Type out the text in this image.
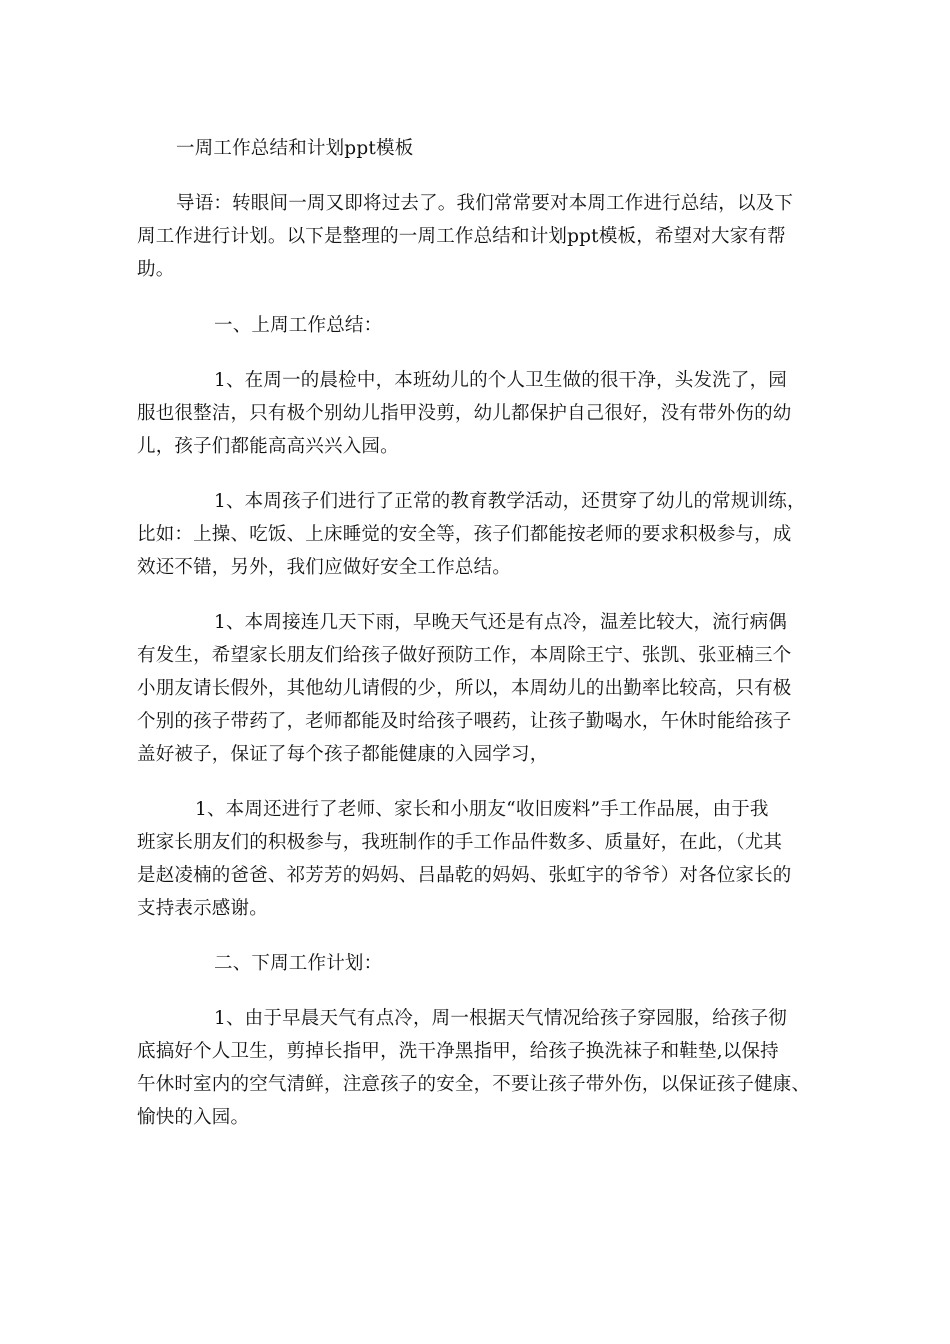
一周工作总结和计划ppt模板
导语：转眼间一周又即将过去了。我们常常要对本周工作进行总结，以及下
周工作进行计划。以下是整理的一周工作总结和计划ppt模板，希望对大家有帮
助。
一、上周工作总结：
1、在周一的晨检中，本班幼儿的个人卫生做的很干净，头发洗了，园
服也很整洁，只有极个别幼儿指甲没剪，幼儿都保护自己很好，没有带外伤的幼
儿，孩子们都能高高兴兴入园。
1、本周孩子们进行了正常的教育教学活动，还贯穿了幼儿的常规训练，
比如：上操、吃饭、上床睡觉的安全等，孩子们都能按老师的要求积极参与，成
效还不错，另外，我们应做好安全工作总结。
1、本周接连几天下雨，早晚天气还是有点冷，温差比较大，流行病偶
有发生，希望家长朋友们给孩子做好预防工作，本周除王宁、张凯、张亚楠三个
小朋友请长假外，其他幼儿请假的少，所以，本周幼儿的出勤率比较高，只有极
个别的孩子带药了，老师都能及时给孩子喂药，让孩子勤喝水，午休时能给孩子
盖好被子，保证了每个孩子都能健康的入园学习，
1、本周还进行了老师、家长和小朋友“收旧废料”手工作品展，由于我
班家长朋友们的积极参与，我班制作的手工作品件数多、质量好，在此，（尤其
是赵凌楠的爸爸、祁芳芳的妈妈、吕晶乾的妈妈、张虹宇的爷爷）对各位家长的
支持表示感谢。
二、下周工作计划：
1、由于早晨天气有点冷，周一根据天气情况给孩子穿园服，给孩子彻
底搞好个人卫生，剪掉长指甲，洗干净黑指甲，给孩子换洗袜子和鞋垫,以保持
午休时室内的空气清鲜，注意孩子的安全，不要让孩子带外伤，以保证孩子健康、
愉快的入园。
